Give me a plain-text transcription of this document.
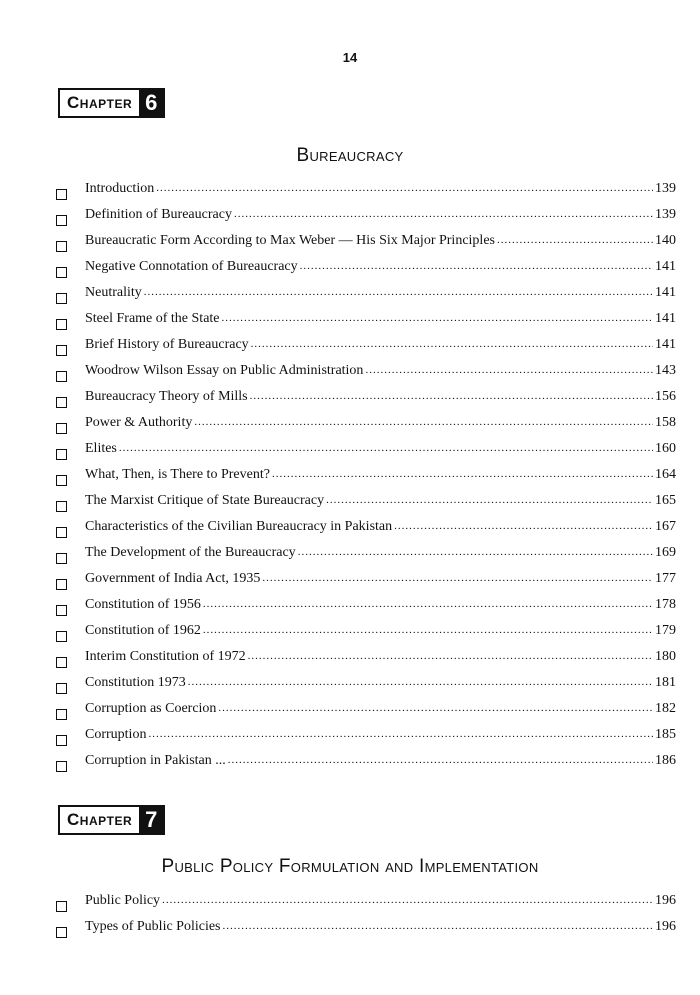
14
Chapter 6
Bureaucracy
Introduction .....	139
Definition of Bureaucracy .....	139
Bureaucratic Form According to Max Weber — His Six Major Principles .....	140
Negative Connotation of Bureaucracy .....	141
Neutrality .....	141
Steel Frame of the State .....	141
Brief History of Bureaucracy .....	141
Woodrow Wilson Essay on Public Administration .....	143
Bureaucracy Theory of Mills .....	156
Power & Authority .....	158
Elites .....	160
What, Then, is There to Prevent? .....	164
The Marxist Critique of State Bureaucracy .....	165
Characteristics of the Civilian Bureaucracy in Pakistan .....	167
The Development of the Bureaucracy .....	169
Government of India Act, 1935 .....	177
Constitution of 1956 .....	178
Constitution of 1962 .....	179
Interim Constitution of 1972 .....	180
Constitution 1973 .....	181
Corruption as Coercion .....	182
Corruption .....	185
Corruption in Pakistan ... .....	186
Chapter 7
Public Policy Formulation and Implementation
Public Policy .....	196
Types of Public Policies .....	196
